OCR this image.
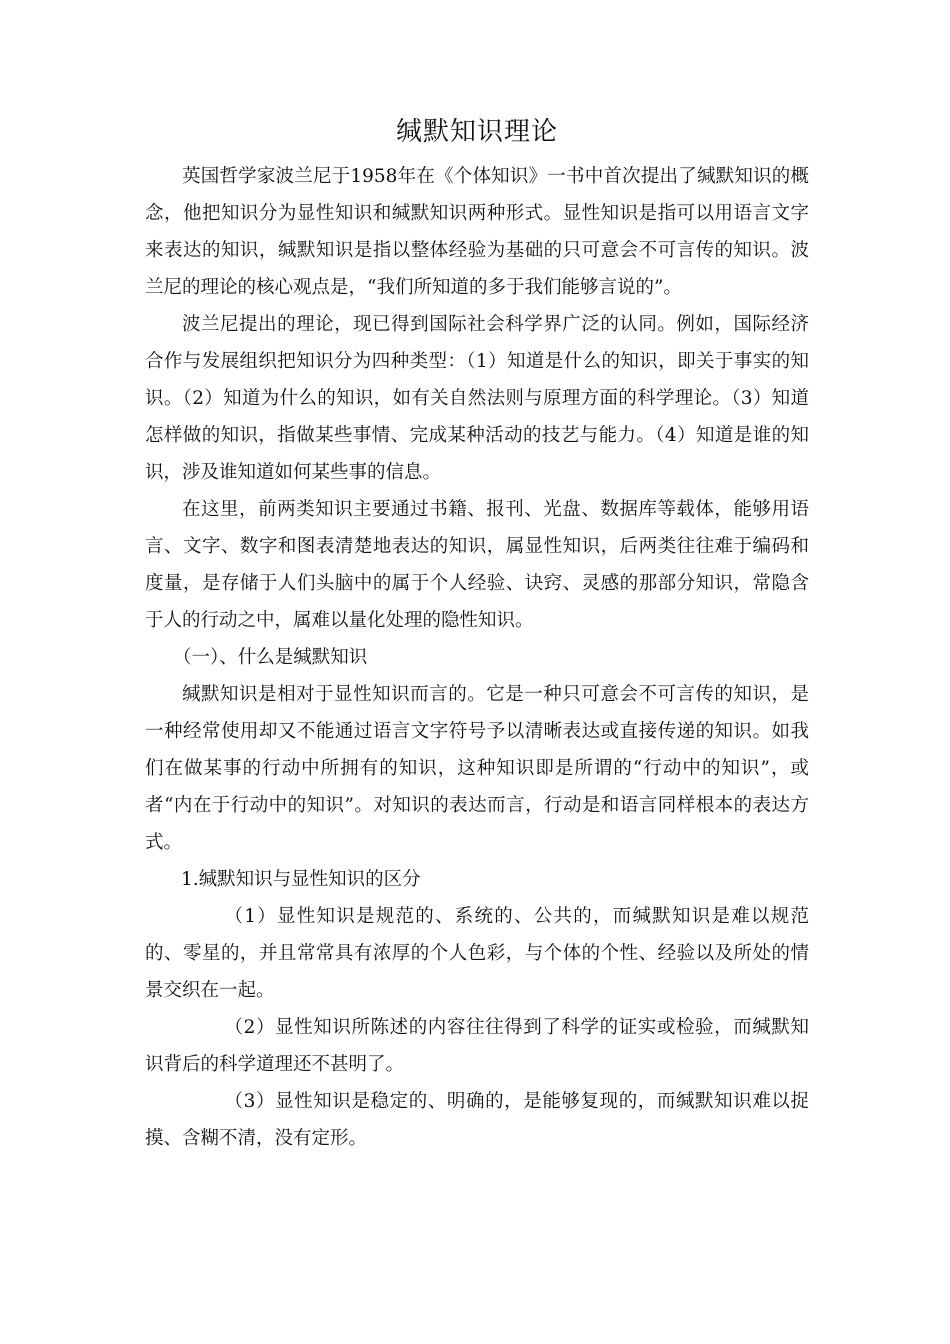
缄默知识理论

英国哲学家波兰尼于1958年在《个体知识》一书中首次提出了缄默知识的概念，他把知识分为显性知识和缄默知识两种形式。显性知识是指可以用语言文字来表达的知识，缄默知识是指以整体经验为基础的只可意会不可言传的知识。波兰尼的理论的核心观点是，“我们所知道的多于我们能够言说的”。

波兰尼提出的理论，现已得到国际社会科学界广泛的认同。例如，国际经济合作与发展组织把知识分为四种类型：（1）知道是什么的知识，即关于事实的知识。（2）知道为什么的知识，如有关自然法则与原理方面的科学理论。（3）知道怎样做的知识，指做某些事情、完成某种活动的技艺与能力。（4）知道是谁的知识，涉及谁知道如何某些事的信息。

在这里，前两类知识主要通过书籍、报刊、光盘、数据库等载体，能够用语言、文字、数字和图表清楚地表达的知识，属显性知识，后两类往往难于编码和度量，是存储于人们头脑中的属于个人经验、诀窍、灵感的那部分知识，常隐含于人的行动之中，属难以量化处理的隐性知识。

（一）、什么是缄默知识

缄默知识是相对于显性知识而言的。它是一种只可意会不可言传的知识，是一种经常使用却又不能通过语言文字符号予以清晰表达或直接传递的知识。如我们在做某事的行动中所拥有的知识，这种知识即是所谓的“行动中的知识”，或者“内在于行动中的知识”。对知识的表达而言，行动是和语言同样根本的表达方式。

1.缄默知识与显性知识的区分

（1）显性知识是规范的、系统的、公共的，而缄默知识是难以规范的、零星的，并且常常具有浓厚的个人色彩，与个体的个性、经验以及所处的情景交织在一起。

（2）显性知识所陈述的内容往往得到了科学的证实或检验，而缄默知识背后的科学道理还不甚明了。

（3）显性知识是稳定的、明确的，是能够复现的，而缄默知识难以捉摸、含糊不清，没有定形。
